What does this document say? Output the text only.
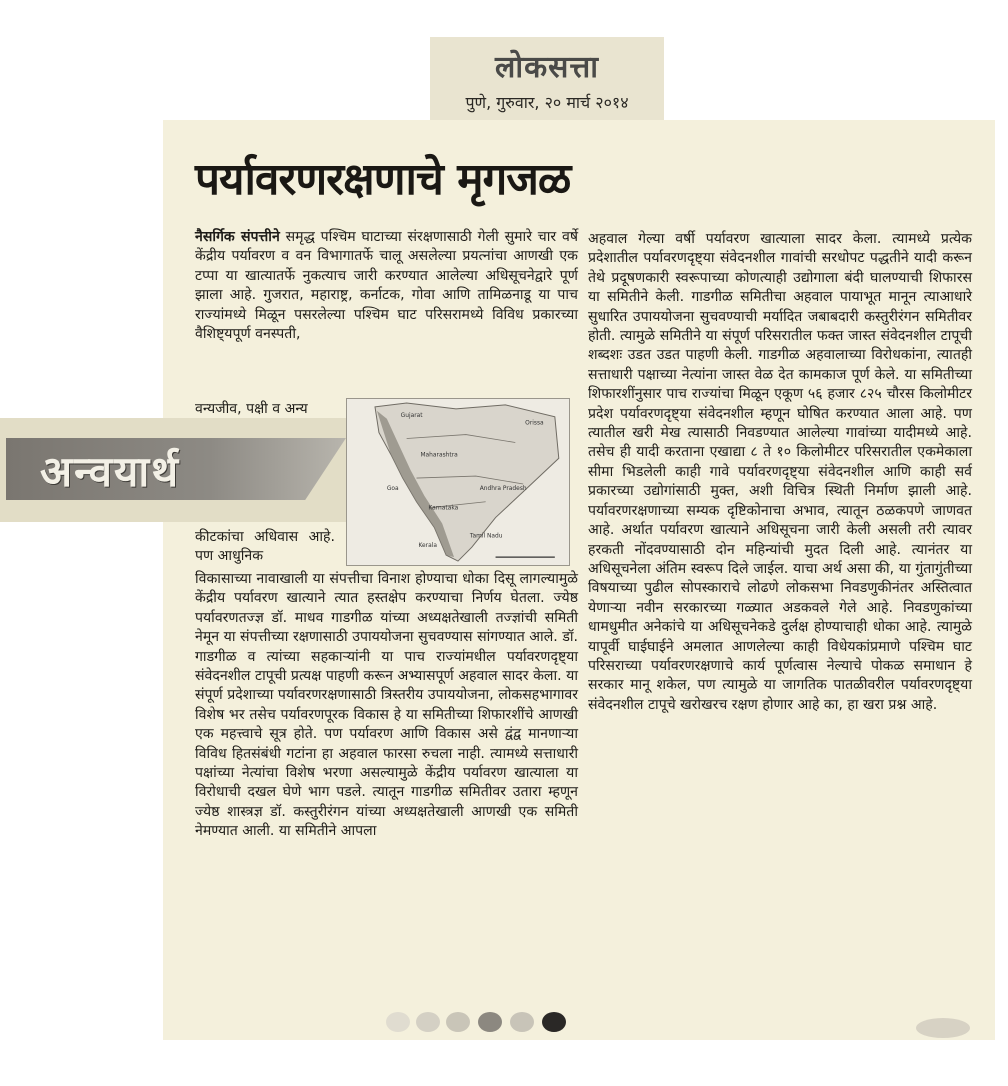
लोकसत्ता
पुणे, गुरुवार, २० मार्च २०१४
पर्यावरणरक्षणाचे मृगजळ
नैसर्गिक संपत्तीने समृद्ध पश्चिम घाटाच्या संरक्षणासाठी गेली सुमारे चार वर्षे केंद्रीय पर्यावरण व वन विभागातर्फे चालू असलेल्या प्रयत्नांचा आणखी एक टप्पा या खात्यातर्फे नुकत्याच जारी करण्यात आलेल्या अधिसूचनेद्वारे पूर्ण झाला आहे. गुजरात, महाराष्ट्र, कर्नाटक, गोवा आणि तामिळनाडू या पाच राज्यांमध्ये मिळून पसरलेल्या पश्चिम घाट परिसरामध्ये विविध प्रकारच्या वैशिष्ट्यपूर्ण वनस्पती,
वन्यजीव, पक्षी व अन्य
अन्वयार्थ
Gujarat
Maharashtra
Goa
Karnataka
Kerala
Tamil Nadu
Andhra Pradesh
Orissa
कीटकांचा अधिवास आहे. पण आधुनिक
विकासाच्या नावाखाली या संपत्तीचा विनाश होण्याचा धोका दिसू लागल्यामुळे केंद्रीय पर्यावरण खात्याने त्यात हस्तक्षेप करण्याचा निर्णय घेतला. ज्येष्ठ पर्यावरणतज्ज्ञ डॉ. माधव गाडगीळ यांच्या अध्यक्षतेखाली तज्ज्ञांची समिती नेमून या संपत्तीच्या रक्षणासाठी उपाययोजना सुचवण्यास सांगण्यात आले. डॉ. गाडगीळ व त्यांच्या सहकाऱ्यांनी या पाच राज्यांमधील पर्यावरणदृष्ट्या संवेदनशील टापूची प्रत्यक्ष पाहणी करून अभ्यासपूर्ण अहवाल सादर केला. या संपूर्ण प्रदेशाच्या पर्यावरणरक्षणासाठी त्रिस्तरीय उपाययोजना, लोकसहभागावर विशेष भर तसेच पर्यावरणपूरक विकास हे या समितीच्या शिफारशींचे आणखी एक महत्त्वाचे सूत्र होते. पण पर्यावरण आणि विकास असे द्वंद्व मानणाऱ्या विविध हितसंबंधी गटांना हा अहवाल फारसा रुचला नाही. त्यामध्ये सत्ताधारी पक्षांच्या नेत्यांचा विशेष भरणा असल्यामुळे केंद्रीय पर्यावरण खात्याला या विरोधाची दखल घेणे भाग पडले. त्यातून गाडगीळ समितीवर उतारा म्हणून ज्येष्ठ शास्त्रज्ञ डॉ. कस्तुरीरंगन यांच्या अध्यक्षतेखाली आणखी एक समिती नेमण्यात आली. या समितीने आपला
अहवाल गेल्या वर्षी पर्यावरण खात्याला सादर केला. त्यामध्ये प्रत्येक प्रदेशातील पर्यावरणदृष्ट्या संवेदनशील गावांची सरधोपट पद्धतीने यादी करून तेथे प्रदूषणकारी स्वरूपाच्या कोणत्याही उद्योगाला बंदी घालण्याची शिफारस या समितीने केली. गाडगीळ समितीचा अहवाल पायाभूत मानून त्याआधारे सुधारित उपाययोजना सुचवण्याची मर्यादित जबाबदारी कस्तुरीरंगन समितीवर होती. त्यामुळे समितीने या संपूर्ण परिसरातील फक्त जास्त संवेदनशील टापूची शब्दशः उडत उडत पाहणी केली. गाडगीळ अहवालाच्या विरोधकांना, त्यातही सत्ताधारी पक्षाच्या नेत्यांना जास्त वेळ देत कामकाज पूर्ण केले. या समितीच्या शिफारशींनुसार पाच राज्यांचा मिळून एकूण ५६ हजार ८२५ चौरस किलोमीटर प्रदेश पर्यावरणदृष्ट्या संवेदनशील म्हणून घोषित करण्यात आला आहे. पण त्यातील खरी मेख त्यासाठी निवडण्यात आलेल्या गावांच्या यादीमध्ये आहे. तसेच ही यादी करताना एखाद्या ८ ते १० किलोमीटर परिसरातील एकमेकाला सीमा भिडलेली काही गावे पर्यावरणदृष्ट्या संवेदनशील आणि काही सर्व प्रकारच्या उद्योगांसाठी मुक्त, अशी विचित्र स्थिती निर्माण झाली आहे. पर्यावरणरक्षणाच्या सम्यक दृष्टिकोनाचा अभाव, त्यातून ठळकपणे जाणवत आहे. अर्थात पर्यावरण खात्याने अधिसूचना जारी केली असली तरी त्यावर हरकती नोंदवण्यासाठी दोन महिन्यांची मुदत दिली आहे. त्यानंतर या अधिसूचनेला अंतिम स्वरूप दिले जाईल. याचा अर्थ असा की, या गुंतागुंतीच्या विषयाच्या पुढील सोपस्काराचे लोढणे लोकसभा निवडणुकीनंतर अस्तित्वात येणाऱ्या नवीन सरकारच्या गळ्यात अडकवले गेले आहे. निवडणुकांच्या धामधुमीत अनेकांचे या अधिसूचनेकडे दुर्लक्ष होण्याचाही धोका आहे. त्यामुळे यापूर्वी घाईघाईने अमलात आणलेल्या काही विधेयकांप्रमाणे पश्चिम घाट परिसराच्या पर्यावरणरक्षणाचे कार्य पूर्णत्वास नेल्याचे पोकळ समाधान हे सरकार मानू शकेल, पण त्यामुळे या जागतिक पातळीवरील पर्यावरणदृष्ट्या संवेदनशील टापूचे खरोखरच रक्षण होणार आहे का, हा खरा प्रश्न आहे.
